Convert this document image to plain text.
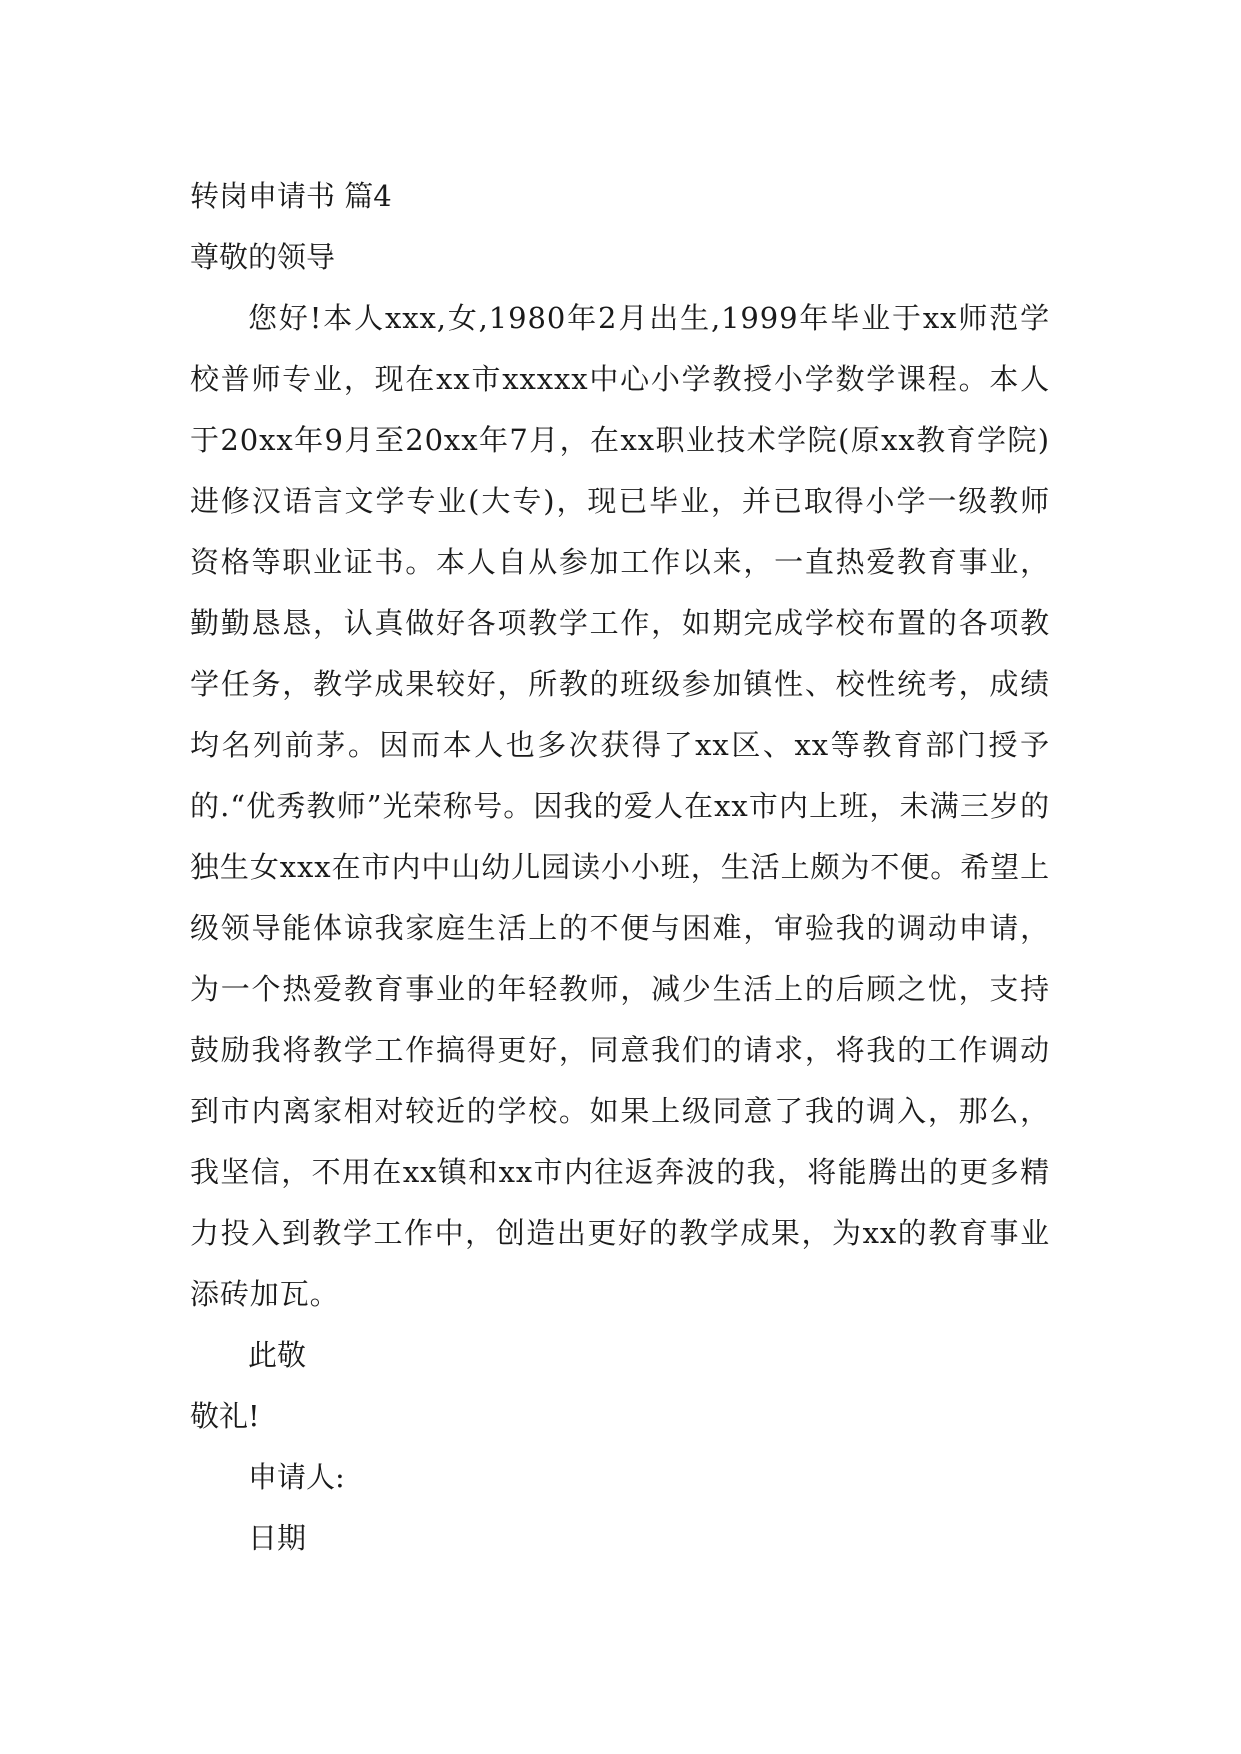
转岗申请书 篇4
尊敬的领导

您好!本人xxx,女,1980年2月出生,1999年毕业于xx师范学校普师专业，现在xx市xxxxx中心小学教授小学数学课程。本人于20xx年9月至20xx年7月，在xx职业技术学院(原xx教育学院)进修汉语言文学专业(大专)，现已毕业，并已取得小学一级教师资格等职业证书。本人自从参加工作以来，一直热爱教育事业，勤勤恳恳，认真做好各项教学工作，如期完成学校布置的各项教学任务，教学成果较好，所教的班级参加镇性、校性统考，成绩均名列前茅。因而本人也多次获得了xx区、xx等教育部门授予的.“优秀教师”光荣称号。因我的爱人在xx市内上班，未满三岁的独生女xxx在市内中山幼儿园读小小班，生活上颇为不便。希望上级领导能体谅我家庭生活上的不便与困难，审验我的调动申请，为一个热爱教育事业的年轻教师，减少生活上的后顾之忧，支持鼓励我将教学工作搞得更好，同意我们的请求，将我的工作调动到市内离家相对较近的学校。如果上级同意了我的调入，那么，我坚信，不用在xx镇和xx市内往返奔波的我，将能腾出的更多精力投入到教学工作中，创造出更好的教学成果，为xx的教育事业添砖加瓦。

此敬
敬礼!
申请人:
日期
